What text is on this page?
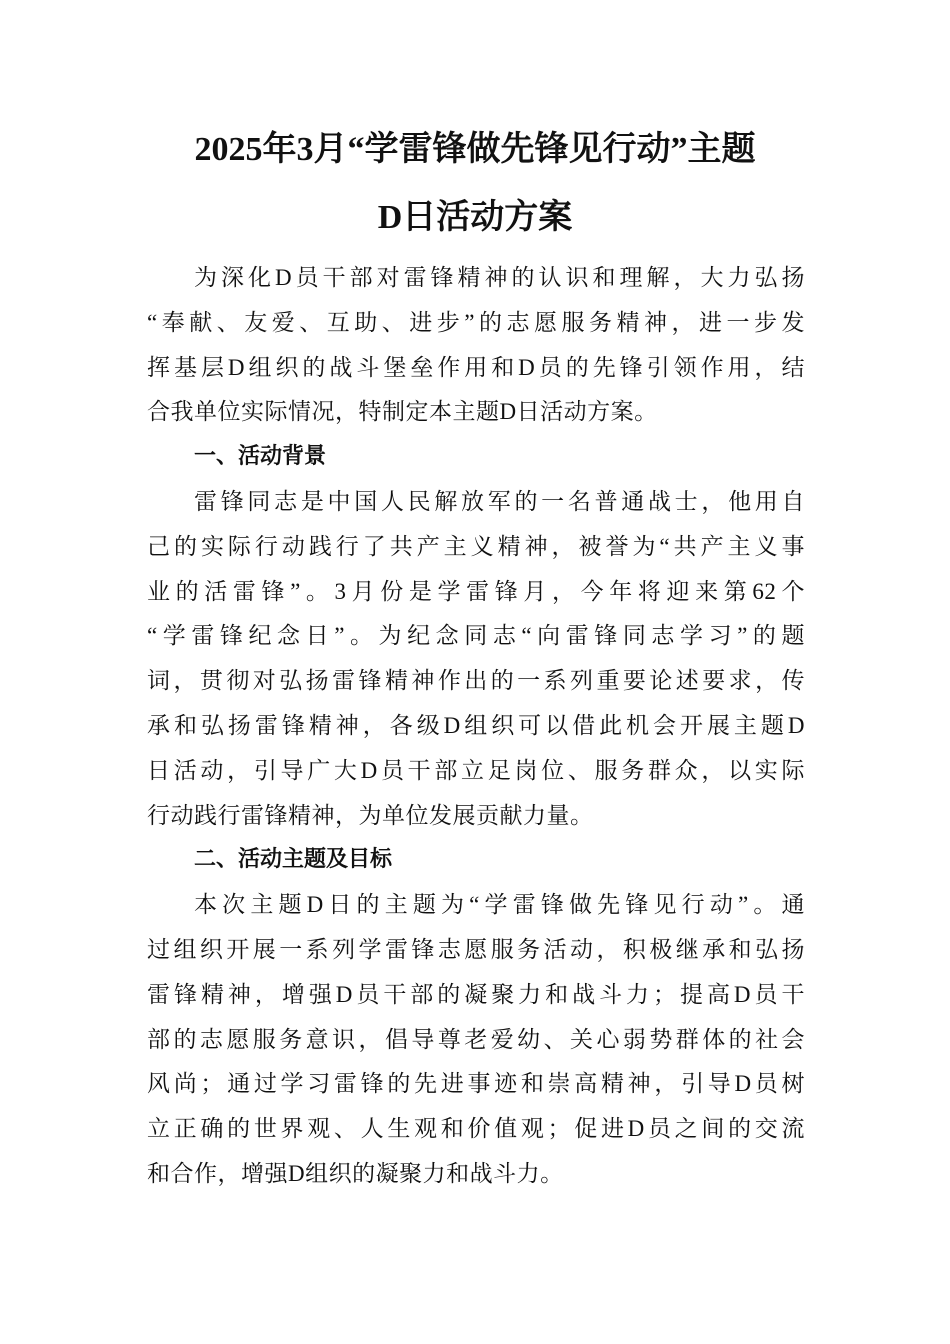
2025年3月“学雷锋做先锋见行动”主题
D日活动方案
为深化D员干部对雷锋精神的认识和理解，大力弘扬
“奉献、友爱、互助、进步”的志愿服务精神，进一步发
挥基层D组织的战斗堡垒作用和D员的先锋引领作用，结
合我单位实际情况，特制定本主题D日活动方案。
一、活动背景
雷锋同志是中国人民解放军的一名普通战士，他用自
己的实际行动践行了共产主义精神，被誉为“共产主义事
业的活雷锋”。3月份是学雷锋月，今年将迎来第62个
“学雷锋纪念日”。为纪念同志“向雷锋同志学习”的题
词，贯彻对弘扬雷锋精神作出的一系列重要论述要求，传
承和弘扬雷锋精神，各级D组织可以借此机会开展主题D
日活动，引导广大D员干部立足岗位、服务群众，以实际
行动践行雷锋精神，为单位发展贡献力量。
二、活动主题及目标
本次主题D日的主题为“学雷锋做先锋见行动”。通
过组织开展一系列学雷锋志愿服务活动，积极继承和弘扬
雷锋精神，增强D员干部的凝聚力和战斗力；提高D员干
部的志愿服务意识，倡导尊老爱幼、关心弱势群体的社会
风尚；通过学习雷锋的先进事迹和崇高精神，引导D员树
立正确的世界观、人生观和价值观；促进D员之间的交流
和合作，增强D组织的凝聚力和战斗力。
